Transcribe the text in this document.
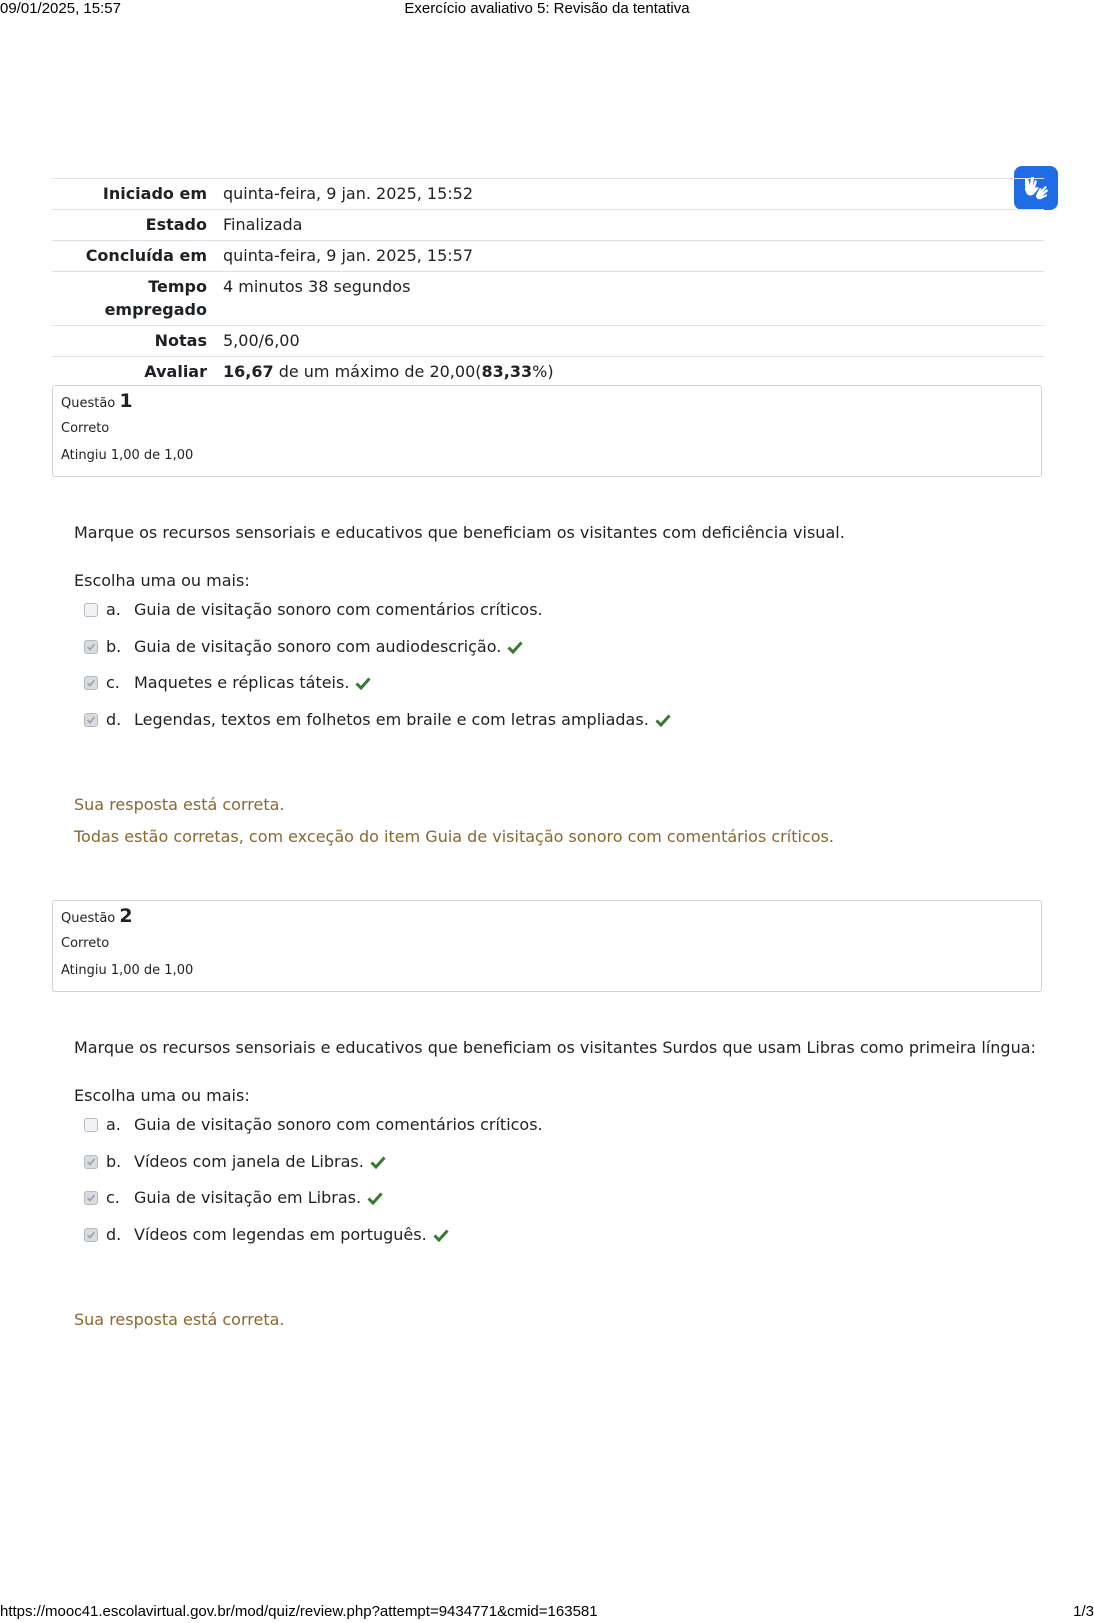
09/01/2025, 15:57	Exercício avaliativo 5: Revisão da tentativa
Iniciado em	quinta-feira, 9 jan. 2025, 15:52
Estado	Finalizada
Concluída em	quinta-feira, 9 jan. 2025, 15:57
Tempo
empregado	4 minutos 38 segundos
Notas	5,00/6,00
Avaliar	16,67 de um máximo de 20,00(83,33%)
Questão 1
Correto
Atingiu 1,00 de 1,00
Marque os recursos sensoriais e educativos que beneficiam os visitantes com deficiência visual.
Escolha uma ou mais:
a. Guia de visitação sonoro com comentários críticos.
b. Guia de visitação sonoro com audiodescrição.
c. Maquetes e réplicas táteis.
d. Legendas, textos em folhetos em braile e com letras ampliadas.
Sua resposta está correta.
Todas estão corretas, com exceção do item Guia de visitação sonoro com comentários críticos.
Questão 2
Correto
Atingiu 1,00 de 1,00
Marque os recursos sensoriais e educativos que beneficiam os visitantes Surdos que usam Libras como primeira língua:
Escolha uma ou mais:
a. Guia de visitação sonoro com comentários críticos.
b. Vídeos com janela de Libras.
c. Guia de visitação em Libras.
d. Vídeos com legendas em português.
Sua resposta está correta.
https://mooc41.escolavirtual.gov.br/mod/quiz/review.php?attempt=9434771&cmid=163581	1/3
